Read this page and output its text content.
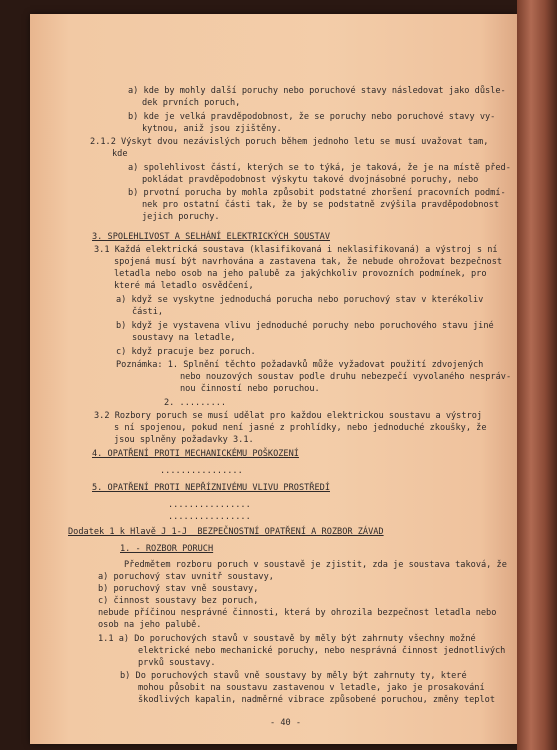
a) kde by mohly další poruchy nebo poruchové stavy následovat jako důsle-
dek prvních poruch,
b) kde je velká pravděpodobnost, že se poruchy nebo poruchové stavy vy-
kytnou, aniž jsou zjištěny.
2.1.2 Výskyt dvou nezávislých poruch během jednoho letu se musí uvažovat tam,
kde
a) spolehlivost částí, kterých se to týká, je taková, že je na místě před-
pokládat pravděpodobnost výskytu takové dvojnásobné poruchy, nebo
b) prvotní porucha by mohla způsobit podstatné zhoršení pracovních podmí-
nek pro ostatní části tak, že by se podstatně zvýšila pravděpodobnost
jejich poruchy.
3. SPOLEHLIVOST A SELHÁNÍ ELEKTRICKÝCH SOUSTAV
3.1 Každá elektrická soustava (klasifikovaná i neklasifikovaná) a výstroj s ní
spojená musí být navrhována a zastavena tak, že nebude ohrožovat bezpečnost
letadla nebo osob na jeho palubě za jakýchkoliv provozních podmínek, pro
které má letadlo osvědčení,
a) když se vyskytne jednoduchá porucha nebo poruchový stav v kterékoliv
části,
b) když je vystavena vlivu jednoduché poruchy nebo poruchového stavu jiné
soustavy na letadle,
c) když pracuje bez poruch.
Poznámka: 1. Splnění těchto požadavků může vyžadovat použití zdvojených
nebo nouzových soustav podle druhu nebezpečí vyvolaného nespráv-
nou činností nebo poruchou.
2. .........
3.2 Rozbory poruch se musí udělat pro každou elektrickou soustavu a výstroj
s ní spojenou, pokud není jasné z prohlídky, nebo jednoduché zkoušky, že
jsou splněny požadavky 3.1.
4. OPATŘENÍ PROTI MECHANICKÉMU POŠKOZENÍ
................
5. OPATŘENÍ PROTI NEPŘÍZNIVÉMU VLIVU PROSTŘEDÍ
................
................
Dodatek 1 k Hlavě J 1-J  BEZPEČNOSTNÍ OPATŘENÍ A ROZBOR ZÁVAD
1. - ROZBOR PORUCH
Předmětem rozboru poruch v soustavě je zjistit, zda je soustava taková, že
a) poruchový stav uvnitř soustavy,
b) poruchový stav vně soustavy,
c) činnost soustavy bez poruch,
nebude příčinou nesprávné činnosti, která by ohrozila bezpečnost letadla nebo
osob na jeho palubě.
1.1 a) Do poruchových stavů v soustavě by měly být zahrnuty všechny možné
elektrické nebo mechanické poruchy, nebo nesprávná činnost jednotlivých
prvků soustavy.
b) Do poruchových stavů vně soustavy by měly být zahrnuty ty, které
mohou působit na soustavu zastavenou v letadle, jako je prosakování
škodlivých kapalin, nadměrné vibrace způsobené poruchou, změny teplot
- 40 -
